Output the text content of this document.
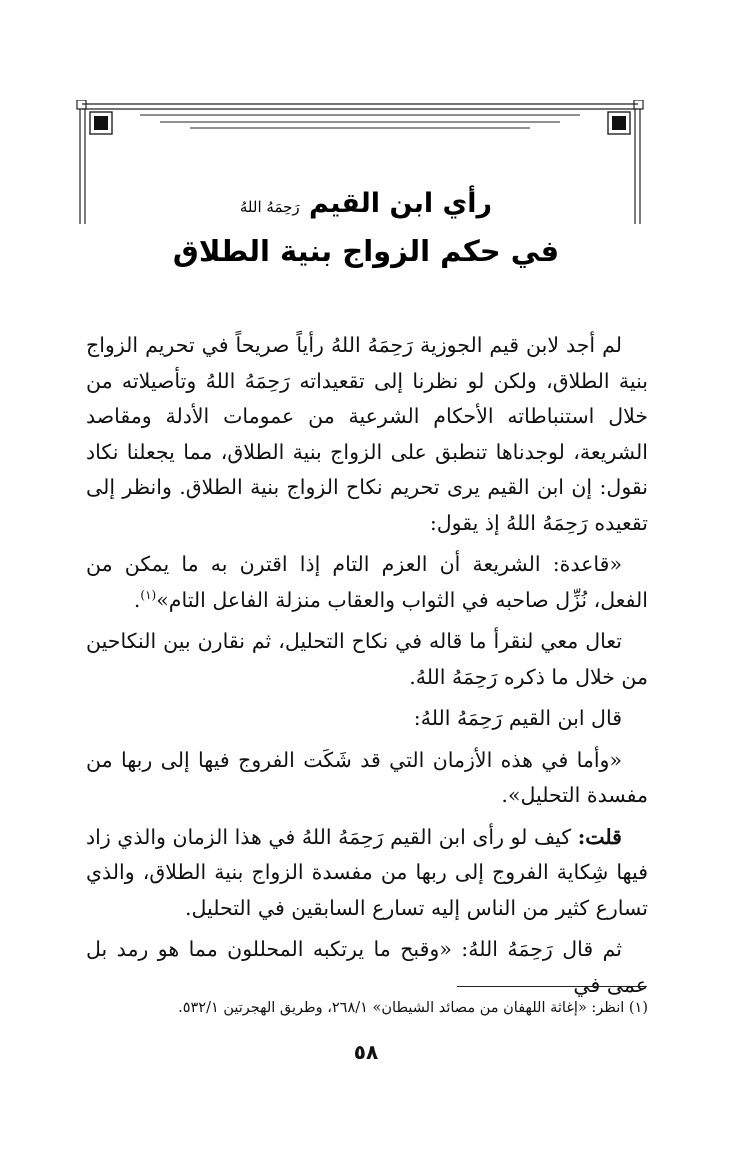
رأي ابن القيم رَحِمَهُ اللهُ
في حكم الزواج بنية الطلاق

لم أجد لابن قيم الجوزية رَحِمَهُ اللهُ رأياً صريحاً في تحريم الزواج بنية الطلاق، ولكن لو نظرنا إلى تقعيداته رَحِمَهُ اللهُ وتأصيلاته من خلال استنباطاته الأحكام الشرعية من عمومات الأدلة ومقاصد الشريعة، لوجدناها تنطبق على الزواج بنية الطلاق، مما يجعلنا نكاد نقول: إن ابن القيم يرى تحريم نكاح الزواج بنية الطلاق. وانظر إلى تقعيده رَحِمَهُ اللهُ إذ يقول:

«قاعدة: الشريعة أن العزم التام إذا اقترن به ما يمكن من الفعل، نُزِّل صاحبه في الثواب والعقاب منزلة الفاعل التام»$^{(١)}$.

تعال معي لنقرأ ما قاله في نكاح التحليل، ثم نقارن بين النكاحين من خلال ما ذكره رَحِمَهُ اللهُ.

قال ابن القيم رَحِمَهُ اللهُ:

«وأما في هذه الأزمان التي قد شَكَت الفروج فيها إلى ربها من مفسدة التحليل».

قلت: كيف لو رأى ابن القيم رَحِمَهُ اللهُ في هذا الزمان والذي زاد فيها شِكاية الفروج إلى ربها من مفسدة الزواج بنية الطلاق، والذي تسارع كثير من الناس إليه تسارع السابقين في التحليل.

ثم قال رَحِمَهُ اللهُ: «وقبح ما يرتكبه المحللون مما هو رمد بل عمى في

(١) انظر: «إغاثة اللهفان من مصائد الشيطان» ٢٦٨/١، وطريق الهجرتين ٥٣٢/١.
٥٨
